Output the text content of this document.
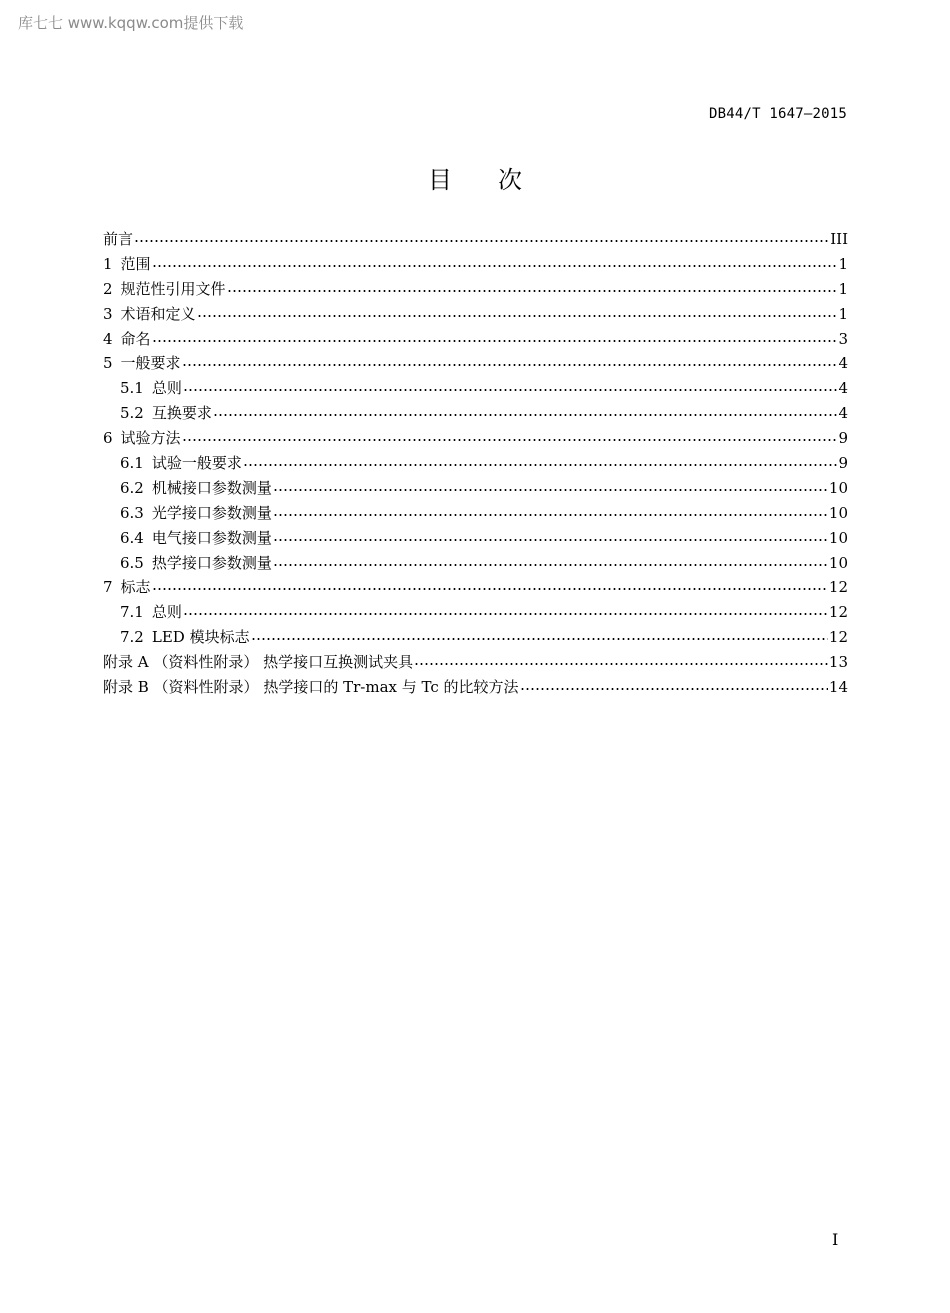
库七七 www.kqqw.com提供下载
DB44/T 1647—2015
目次
前言	III
1 范围	1
2 规范性引用文件	1
3 术语和定义	1
4 命名	3
5 一般要求	4
5.1 总则	4
5.2 互换要求	4
6 试验方法	9
6.1 试验一般要求	9
6.2 机械接口参数测量	10
6.3 光学接口参数测量	10
6.4 电气接口参数测量	10
6.5 热学接口参数测量	10
7 标志	12
7.1 总则	12
7.2 LED 模块标志	12
附录 A （资料性附录） 热学接口互换测试夹具	13
附录 B （资料性附录） 热学接口的 Tr-max 与 Tc 的比较方法	14
I
